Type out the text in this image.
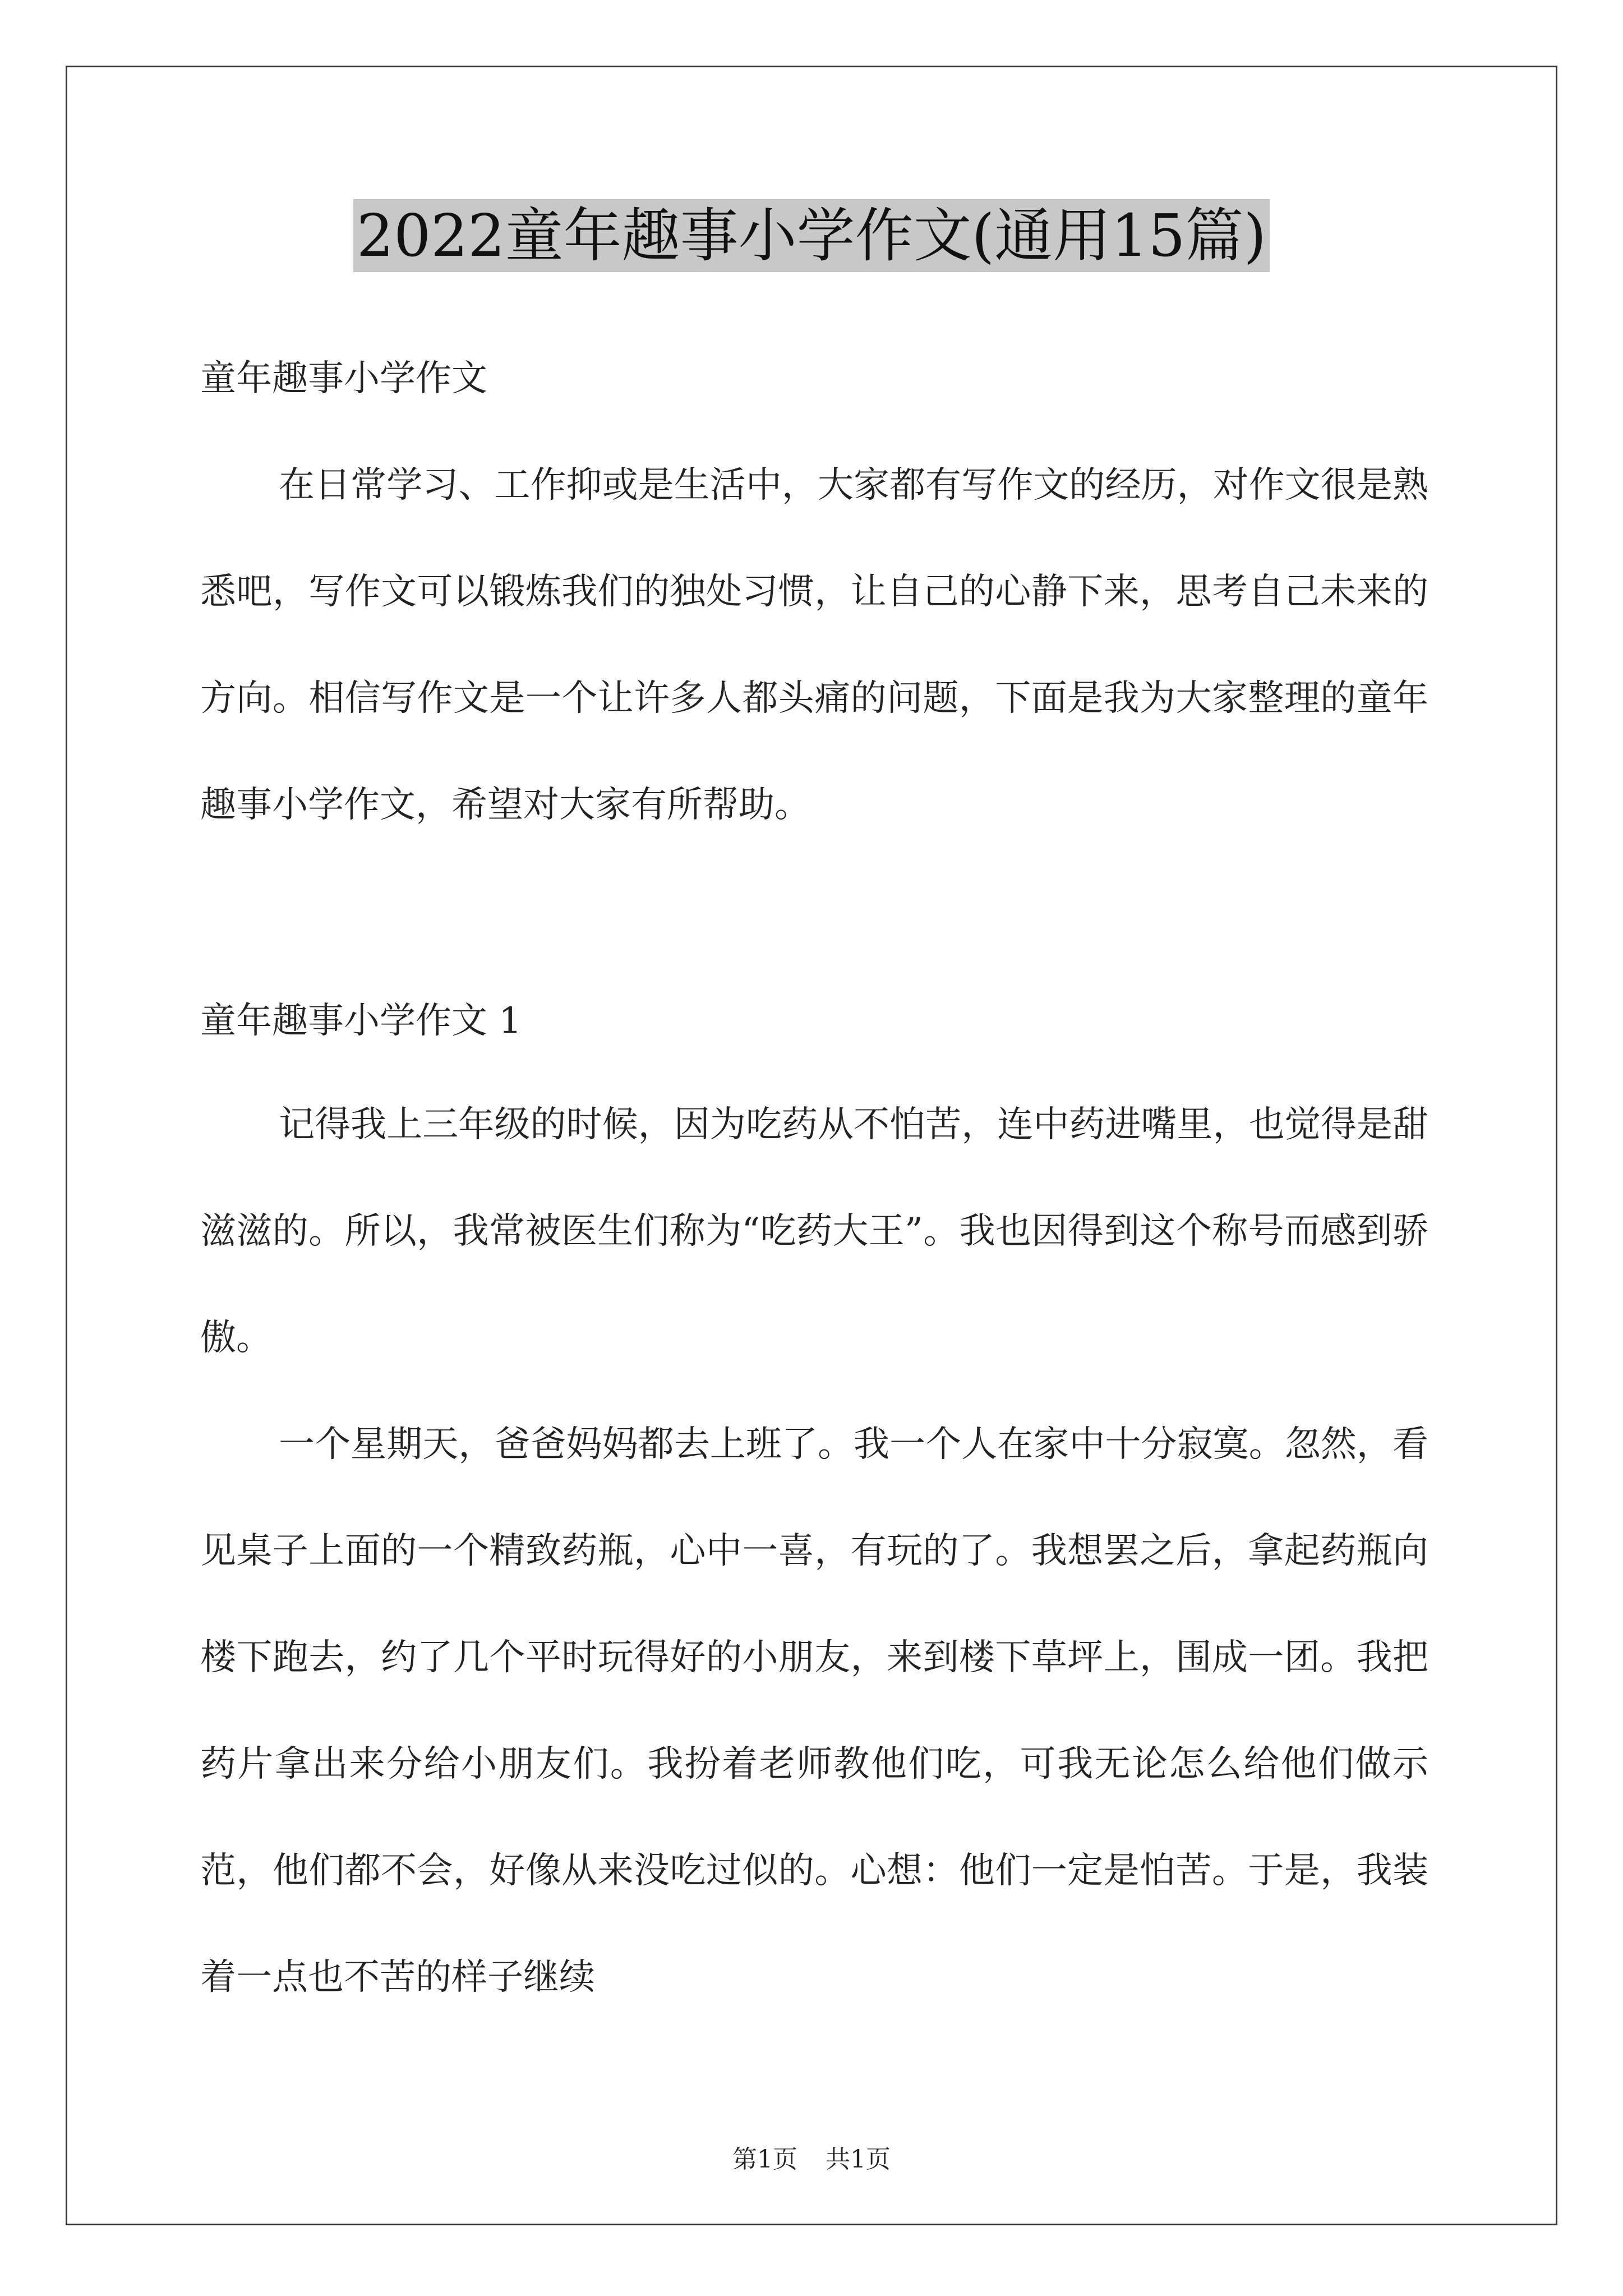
2022童年趣事小学作文(通用15篇)
童年趣事小学作文

在日常学习、工作抑或是生活中，大家都有写作文的经历，对作文很是熟悉吧，写作文可以锻炼我们的独处习惯，让自己的心静下来，思考自己未来的方向。相信写作文是一个让许多人都头痛的问题，下面是我为大家整理的童年趣事小学作文，希望对大家有所帮助。

童年趣事小学作文 1

记得我上三年级的时候，因为吃药从不怕苦，连中药进嘴里，也觉得是甜滋滋的。所以，我常被医生们称为“吃药大王”。我也因得到这个称号而感到骄傲。

一个星期天，爸爸妈妈都去上班了。我一个人在家中十分寂寞。忽然，看见桌子上面的一个精致药瓶，心中一喜，有玩的了。我想罢之后，拿起药瓶向楼下跑去，约了几个平时玩得好的小朋友，来到楼下草坪上，围成一团。我把药片拿出来分给小朋友们。我扮着老师教他们吃，可我无论怎么给他们做示范，他们都不会，好像从来没吃过似的。心想：他们一定是怕苦。于是，我装着一点也不苦的样子继续

第1页 共1页
